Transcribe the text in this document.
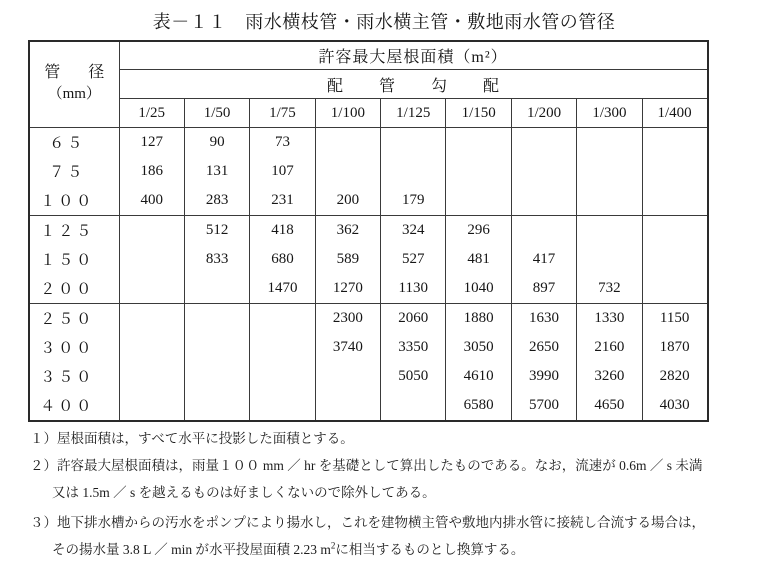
表－１１　雨水横枝管・雨水横主管・敷地雨水管の管径
管　径
（mm）	許容最大屋根面積（m²）								
	配　管　勾　配								
	1/25	1/50	1/75	1/100	1/125	1/150	1/200	1/300	1/400
６５	127	90	73						
７５	186	131	107						
１００	400	283	231	200	179				
１２５		512	418	362	324	296			
１５０		833	680	589	527	481	417		
２００			1470	1270	1130	1040	897	732	
２５０				2300	2060	1880	1630	1330	1150
３００				3740	3350	3050	2650	2160	1870
３５０					5050	4610	3990	3260	2820
４００						6580	5700	4650	4030
１）屋根面積は，すべて水平に投影した面積とする。
２）許容最大屋根面積は，雨量１００ mm ／ hr を基礎として算出したものである。なお，流速が 0.6m ／ s 未満
又は 1.5m ／ s を越えるものは好ましくないので除外してある。
３）地下排水槽からの汚水をポンプにより揚水し，これを建物横主管や敷地内排水管に接続し合流する場合は，
その揚水量 3.8 L ／ min が水平投屋面積 2.23 $m^2$に相当するものとし換算する。
